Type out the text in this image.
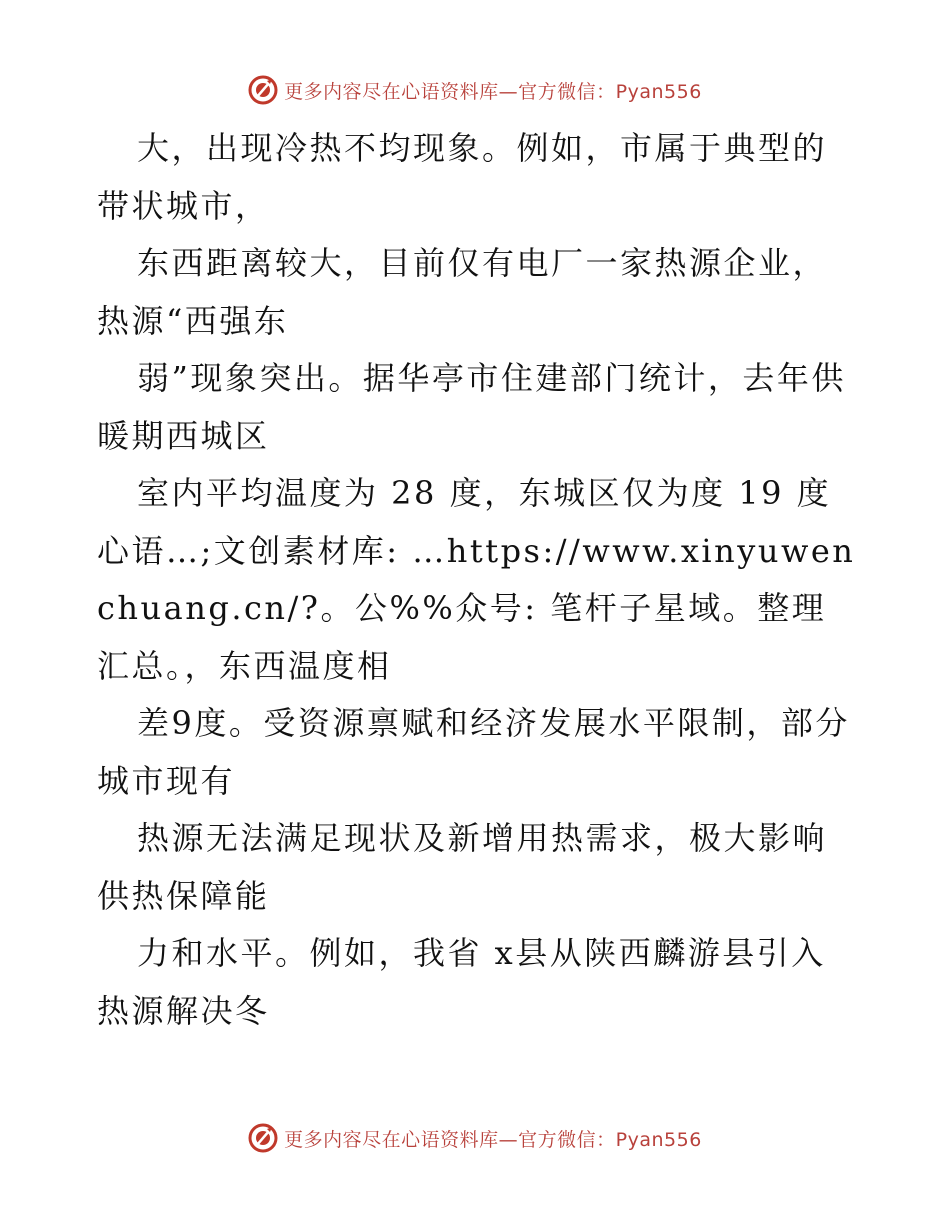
更多内容尽在心语资料库—官方微信：Pyan556

大，出现冷热不均现象。例如，市属于典型的带状城市，

东西距离较大，目前仅有电厂一家热源企业，热源“西强东

弱”现象突出。据华亭市住建部门统计，去年供暖期西城区

室内平均温度为 28 度，东城区仅为度 19 度心语…;文创素材库: …https://www.xinyuwenchuang.cn/?。公%%众号: 笔杆子星域。整理汇总。，东西温度相

差9度。受资源禀赋和经济发展水平限制，部分城市现有

热源无法满足现状及新增用热需求，极大影响供热保障能

力和水平。例如，我省 x县从陕西麟游县引入热源解决冬

更多内容尽在心语资料库—官方微信：Pyan556
